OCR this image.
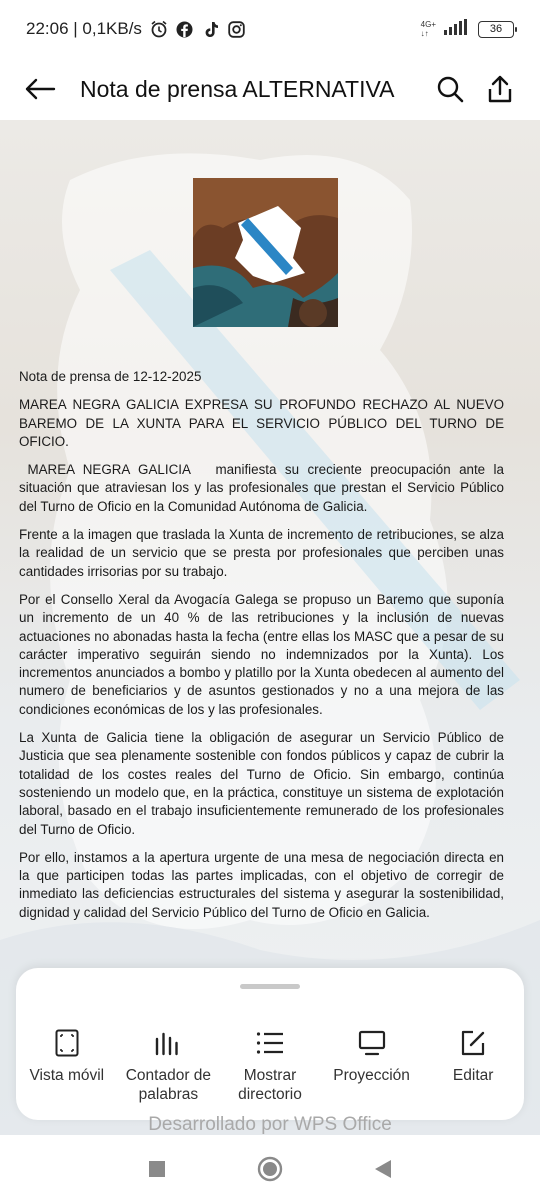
22:06 | 0,1KB/s	4G+
↓↑	36
Nota de prensa ALTERNATIVA

Nota de prensa de 12-12-2025

MAREA NEGRA GALICIA EXPRESA SU PROFUNDO RECHAZO AL NUEVO BAREMO DE LA XUNTA PARA EL SERVICIO PÚBLICO DEL TURNO DE OFICIO.

MAREA NEGRA GALICIA   manifiesta su creciente preocupación ante la situación que atraviesan los y las profesionales que prestan el Servicio Público del Turno de Oficio en la Comunidad Autónoma de Galicia.

Frente a la imagen que traslada la Xunta de incremento de retribuciones, se alza la realidad de un servicio que se presta por profesionales que perciben unas cantidades irrisorias por su trabajo.

Por el Consello Xeral da Avogacía Galega se propuso un Baremo que suponía un incremento de un 40 % de las retribuciones y la inclusión de nuevas actuaciones no abonadas hasta la fecha (entre ellas los MASC que a pesar de su carácter imperativo seguirán siendo no indemnizados por la Xunta). Los incrementos anunciados a bombo y platillo por la Xunta obedecen al aumento del numero de beneficiarios y de asuntos gestionados y no a una mejora de las condiciones económicas de los y las profesionales.

La Xunta de Galicia tiene la obligación de asegurar un Servicio Público de Justicia que sea plenamente sostenible con fondos públicos y capaz de cubrir la totalidad de los costes reales del Turno de Oficio. Sin embargo, continúa sosteniendo un modelo que, en la práctica, constituye un sistema de explotación laboral, basado en el trabajo insuficientemente remunerado de los profesionales del Turno de Oficio.

Por ello, instamos a la apertura urgente de una mesa de negociación directa en la que participen todas las partes implicadas, con el objetivo de corregir de inmediato las deficiencias estructurales del sistema y asegurar la sostenibilidad, dignidad y calidad del Servicio Público del Turno de Oficio en Galicia.

Vista móvil	Contador de palabras
Mostrar directorio
Proyección	Editar
Desarrollado por WPS Office
